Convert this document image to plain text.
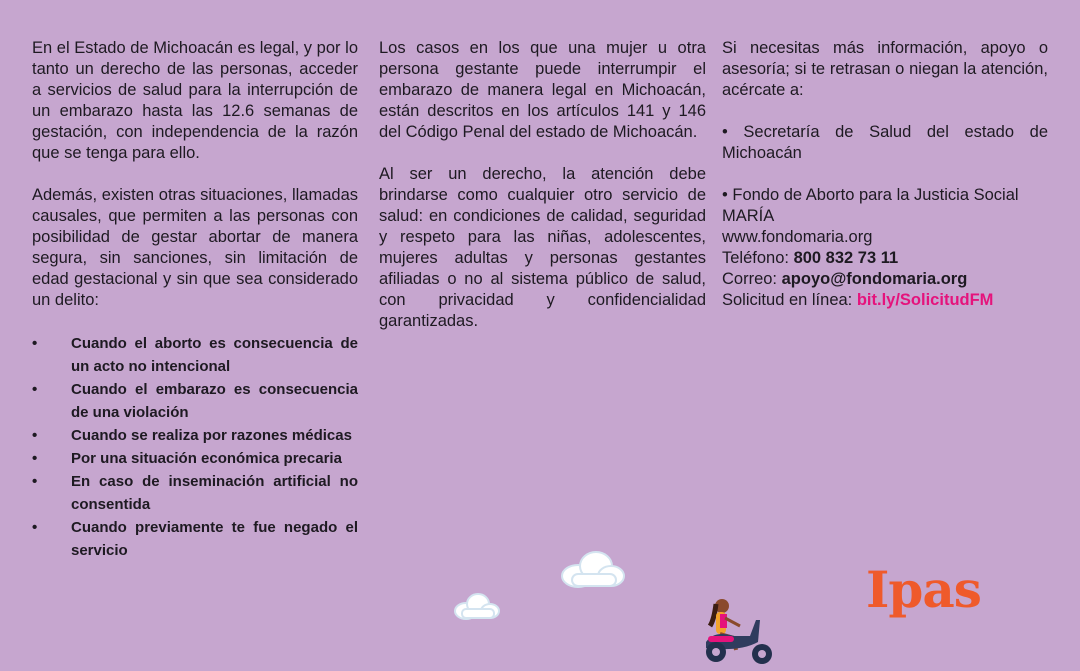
En el Estado de Michoacán es legal, y por lo tanto un derecho de las personas, acceder a servicios de salud para la interrupción de un embarazo hasta las 12.6 semanas de gestación, con independencia de la razón que se tenga para ello.

Además, existen otras situaciones, llamadas causales, que permiten a las personas con posibilidad de gestar abortar de manera segura, sin sanciones, sin limitación de edad gestacional y sin que sea considerado un delito:

• Cuando el aborto es consecuencia de un acto no intencional
• Cuando el embarazo es consecuencia de una violación
• Cuando se realiza por razones médicas
• Por una situación económica precaria
• En caso de inseminación artificial no consentida
• Cuando previamente te fue negado el servicio

Los casos en los que una mujer u otra persona gestante puede interrumpir el embarazo de manera legal en Michoacán, están descritos en los artículos 141 y 146 del Código Penal del estado de Michoacán.

Al ser un derecho, la atención debe brindarse como cualquier otro servicio de salud: en condiciones de calidad, seguridad y respeto para las niñas, adolescentes, mujeres adultas y personas gestantes afiliadas o no al sistema público de salud, con privacidad y confidencialidad garantizadas.

Si necesitas más información, apoyo o asesoría; si te retrasan o niegan la atención, acércate a:

• Secretaría de Salud del estado de Michoacán

• Fondo de Aborto para la Justicia Social MARÍA

www.fondomaria.org

Teléfono: 800 832 73 11

Correo: apoyo@fondomaria.org

Solicitud en línea: bit.ly/SolicitudFM

Ipas
